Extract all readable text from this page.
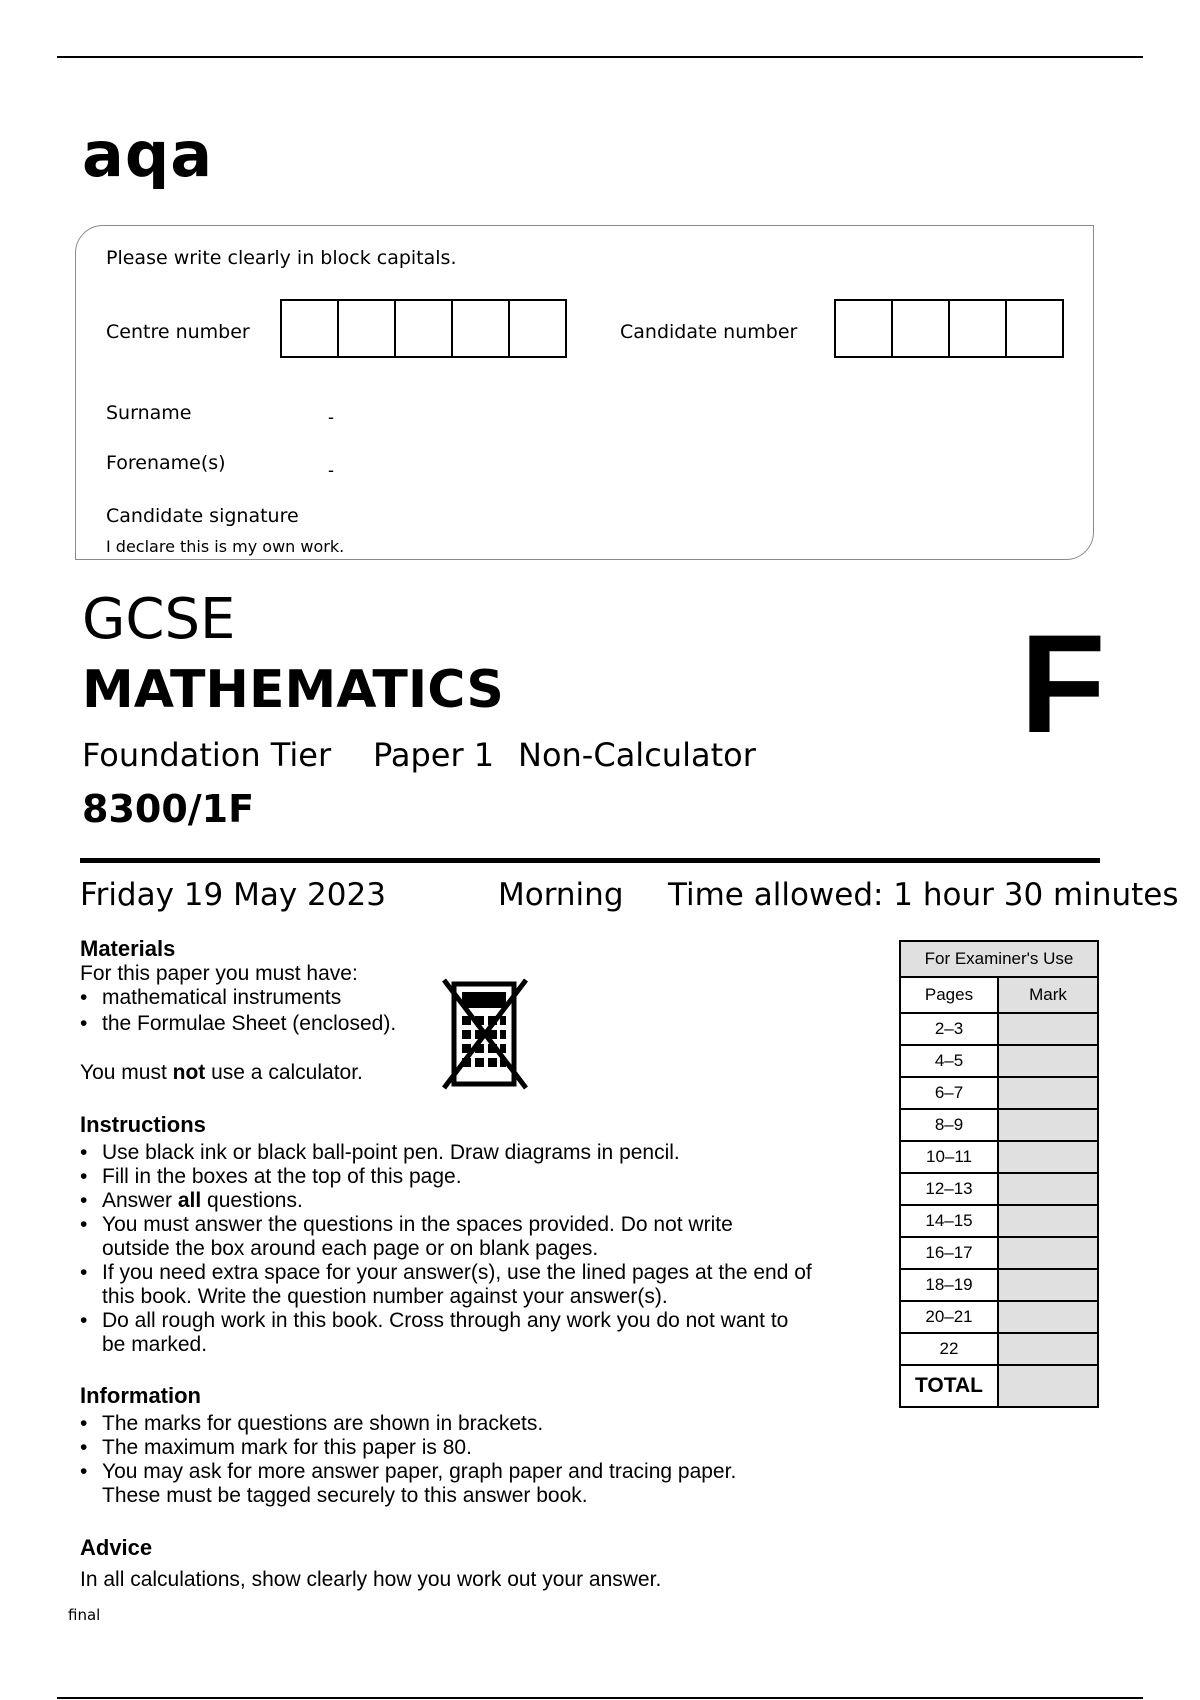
aqa
Please write clearly in block capitals.
Centre number	Candidate number
Surname	-
Forename(s)	-
Candidate signature
I declare this is my own work.
GCSE
MATHEMATICS
Foundation Tier Paper 1 Non-Calculator
8300/1F
F
Friday 19 May 2023	Morning Time allowed: 1 hour 30 minutes
Materials
For this paper you must have:
• mathematical instruments
• the Formulae Sheet (enclosed).
You must not use a calculator.
Instructions
• Use black ink or black ball-point pen. Draw diagrams in pencil.
• Fill in the boxes at the top of this page.
• Answer all questions.
• You must answer the questions in the spaces provided. Do not write
outside the box around each page or on blank pages.
• If you need extra space for your answer(s), use the lined pages at the end of
this book. Write the question number against your answer(s).
• Do all rough work in this book. Cross through any work you do not want to
be marked.
Information
• The marks for questions are shown in brackets.
• The maximum mark for this paper is 80.
• You may ask for more answer paper, graph paper and tracing paper.
These must be tagged securely to this answer book.
Advice
In all calculations, show clearly how you work out your answer.
final
For Examiner's Use	
Pages	Mark
2–3	
4–5	
6–7	
8–9	
10–11	
12–13	
14–15	
16–17	
18–19	
20–21	
22	
TOTAL	
